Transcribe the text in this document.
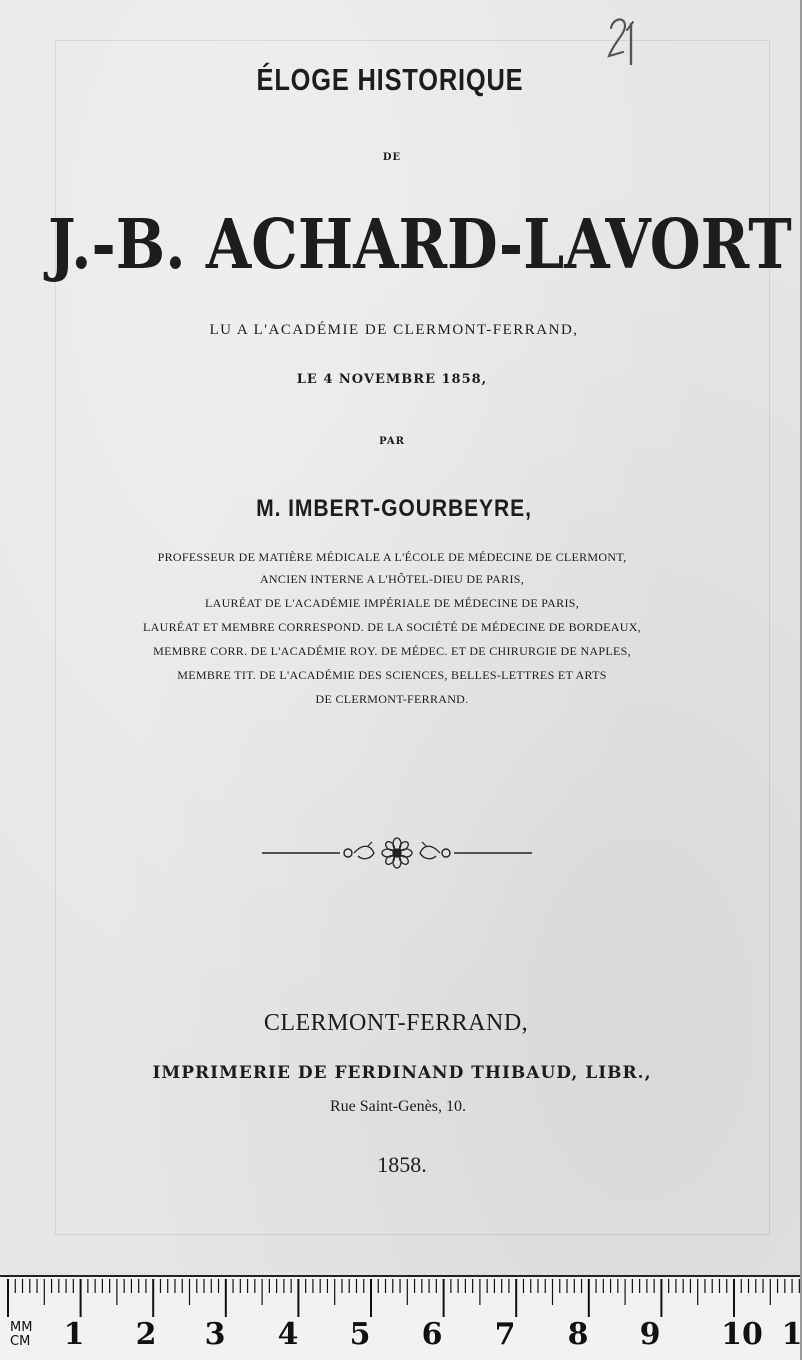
ÉLOGE HISTORIQUE
DE
J.-B. ACHARD-LAVORT
LU A L'ACADÉMIE DE CLERMONT-FERRAND,
LE 4 NOVEMBRE 1858,
PAR
M. IMBERT-GOURBEYRE,
PROFESSEUR DE MATIÈRE MÉDICALE A L'ÉCOLE DE MÉDECINE DE CLERMONT,
ANCIEN INTERNE A L'HÔTEL-DIEU DE PARIS,
LAURÉAT DE L'ACADÉMIE IMPÉRIALE DE MÉDECINE DE PARIS,
LAURÉAT ET MEMBRE CORRESPOND. DE LA SOCIÉTÉ DE MÉDECINE DE BORDEAUX,
MEMBRE CORR. DE L'ACADÉMIE ROY. DE MÉDEC. ET DE CHIRURGIE DE NAPLES,
MEMBRE TIT. DE L'ACADÉMIE DES SCIENCES, BELLES-LETTRES ET ARTS
DE CLERMONT-FERRAND.
CLERMONT-FERRAND,
IMPRIMERIE DE FERDINAND THIBAUD, LIBR.,
Rue Saint-Genès, 10.
1858.
MM
CM 1 2 3 4 5 6 7 8 9 10 1
